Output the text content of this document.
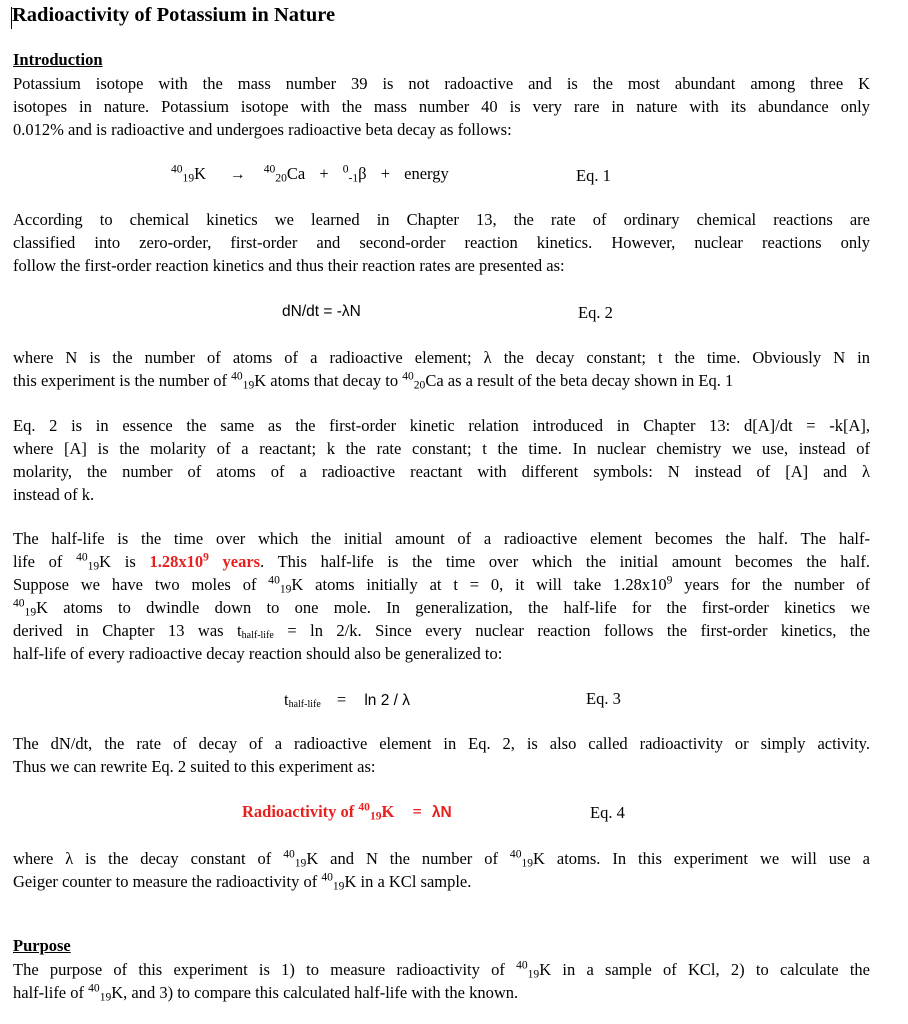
Radioactivity of Potassium in Nature
Introduction
Potassium isotope with the mass number 39 is not radoactive and is the most abundant among three K
isotopes in nature. Potassium isotope with the mass number 40 is very rare in nature with its abundance only
0.012% and is radioactive and undergoes radioactive beta decay as follows:
$^{40}_{19}$K → $^{40}_{20}$Ca + $^0_{-1}$β + energy	Eq. 1
According to chemical kinetics we learned in Chapter 13, the rate of ordinary chemical reactions are
classified into zero-order, first-order and second-order reaction kinetics. However, nuclear reactions only
follow the first-order reaction kinetics and thus their reaction rates are presented as:
dN/dt = -λN	Eq. 2
where N is the number of atoms of a radioactive element; λ the decay constant; t the time. Obviously N in
this experiment is the number of $^{40}_{19}$K atoms that decay to $^{40}_{20}$Ca as a result of the beta decay shown in Eq. 1
Eq. 2 is in essence the same as the first-order kinetic relation introduced in Chapter 13: d[A]/dt = -k[A],
where [A] is the molarity of a reactant; k the rate constant; t the time. In nuclear chemistry we use, instead of
molarity, the number of atoms of a radioactive reactant with different symbols: N instead of [A] and λ
instead of k.
The half-life is the time over which the initial amount of a radioactive element becomes the half. The half-
life of $^{40}_{19}$K is $1.28x10^9$ years. This half-life is the time over which the initial amount becomes the half.
Suppose we have two moles of $^{40}_{19}$K atoms initially at t = 0, it will take $1.28x10^9$ years for the number of
$^{40}_{19}$K atoms to dwindle down to one mole. In generalization, the half-life for the first-order kinetics we
derived in Chapter 13 was $t_{half-life} = \ln 2/k$. Since every nuclear reaction follows the first-order kinetics, the
half-life of every radioactive decay reaction should also be generalized to:
$t_{half-life} = \ln 2 / \lambda$	Eq. 3
The dN/dt, the rate of decay of a radioactive element in Eq. 2, is also called radioactivity or simply activity.
Thus we can rewrite Eq. 2 suited to this experiment as:
Radioactivity of $^{40}_{19}$K = λN	Eq. 4
where λ is the decay constant of $^{40}_{19}$K and N the number of $^{40}_{19}$K atoms. In this experiment we will use a
Geiger counter to measure the radioactivity of $^{40}_{19}$K in a KCl sample.
Purpose
The purpose of this experiment is 1) to measure radioactivity of $^{40}_{19}$K in a sample of KCl, 2) to calculate the
half-life of $^{40}_{19}$K, and 3) to compare this calculated half-life with the known.
